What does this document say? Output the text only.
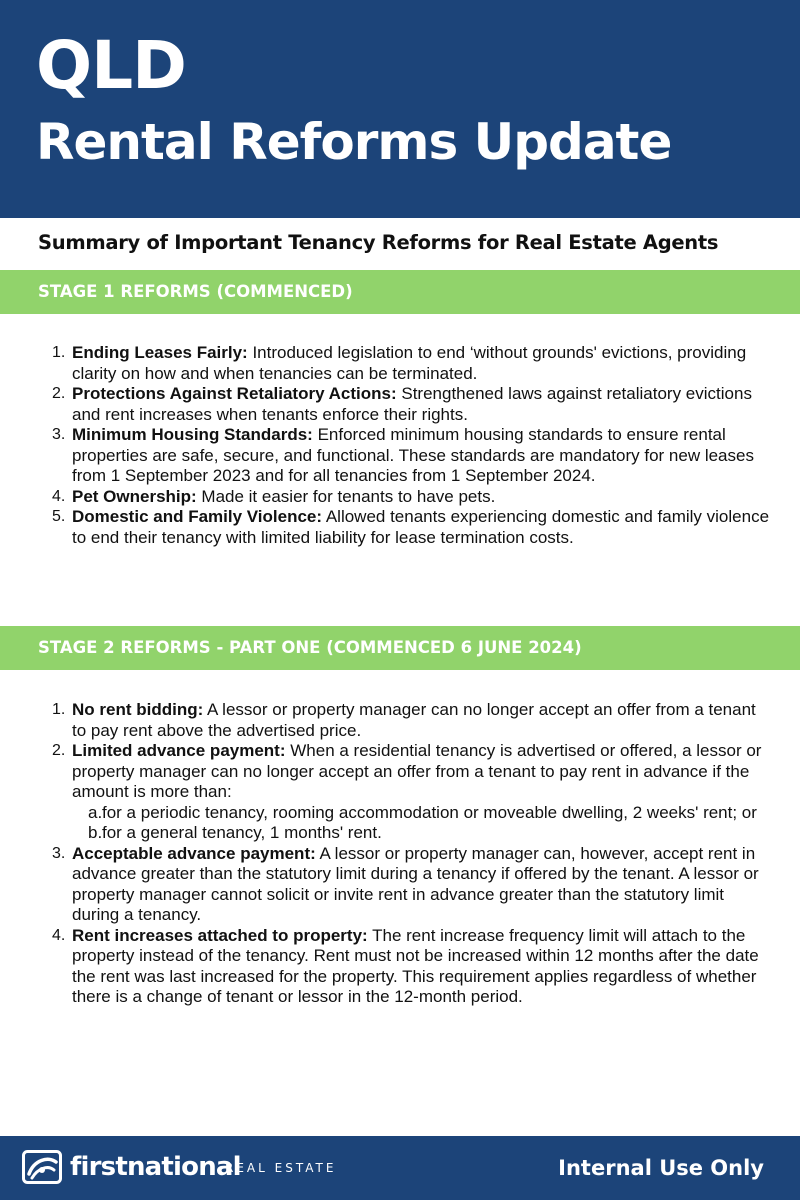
QLD
Rental Reforms Update
Summary of Important Tenancy Reforms for Real Estate Agents
STAGE 1 REFORMS (COMMENCED)
1. Ending Leases Fairly: Introduced legislation to end ‘without grounds' evictions, providing clarity on how and when tenancies can be terminated.
2. Protections Against Retaliatory Actions: Strengthened laws against retaliatory evictions and rent increases when tenants enforce their rights.
3. Minimum Housing Standards: Enforced minimum housing standards to ensure rental properties are safe, secure, and functional. These standards are mandatory for new leases from 1 September 2023 and for all tenancies from 1 September 2024.
4. Pet Ownership: Made it easier for tenants to have pets.
5. Domestic and Family Violence: Allowed tenants experiencing domestic and family violence to end their tenancy with limited liability for lease termination costs.
STAGE 2 REFORMS - PART ONE (COMMENCED 6 JUNE 2024)
1. No rent bidding: A lessor or property manager can no longer accept an offer from a tenant to pay rent above the advertised price.
2. Limited advance payment: When a residential tenancy is advertised or offered, a lessor or property manager can no longer accept an offer from a tenant to pay rent in advance if the amount is more than:
a. for a periodic tenancy, rooming accommodation or moveable dwelling, 2 weeks' rent; or
b. for a general tenancy, 1 months' rent.
3. Acceptable advance payment: A lessor or property manager can, however, accept rent in advance greater than the statutory limit during a tenancy if offered by the tenant. A lessor or property manager cannot solicit or invite rent in advance greater than the statutory limit during a tenancy.
4. Rent increases attached to property: The rent increase frequency limit will attach to the property instead of the tenancy. Rent must not be increased within 12 months after the date the rent was last increased for the property. This requirement applies regardless of whether there is a change of tenant or lessor in the 12-month period.
firstnational
REAL ESTATE	Internal Use Only
